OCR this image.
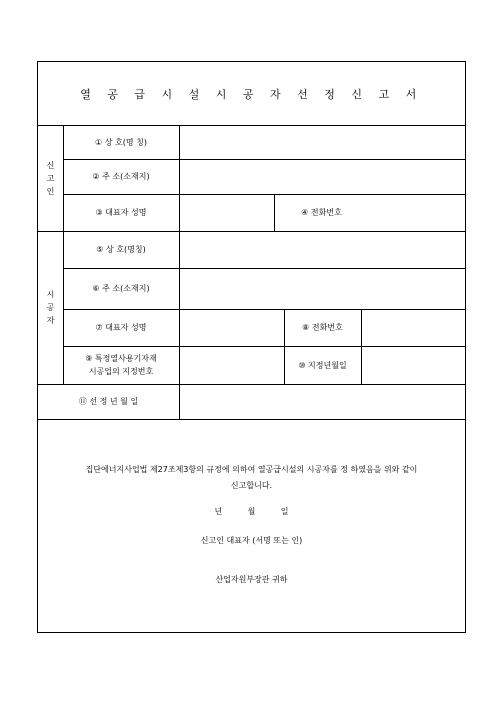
열 공 급 시 설 시 공 자 선 정 신 고 서
신
고
인
① 상 호(명 칭)
② 주 소(소재지)
③ 대표자 성명	④ 전화번호
시
공
자
⑤ 상 호(명칭)
⑥ 주 소(소재지)
⑦ 대표자 성명	⑧ 전화번호
⑨ 특정열사용기자재
시공업의 지정번호
⑩ 지정년월일
⑪ 선 정 년 월 일
집단에너지사업법 제27조제3항의 규정에 의하여 열공급시설의 시공자를 정 하였음을 위와 같이
신고합니다.
년          월          일
신고인 대표자 (서명 또는 인)
산업자원부장관 귀하
